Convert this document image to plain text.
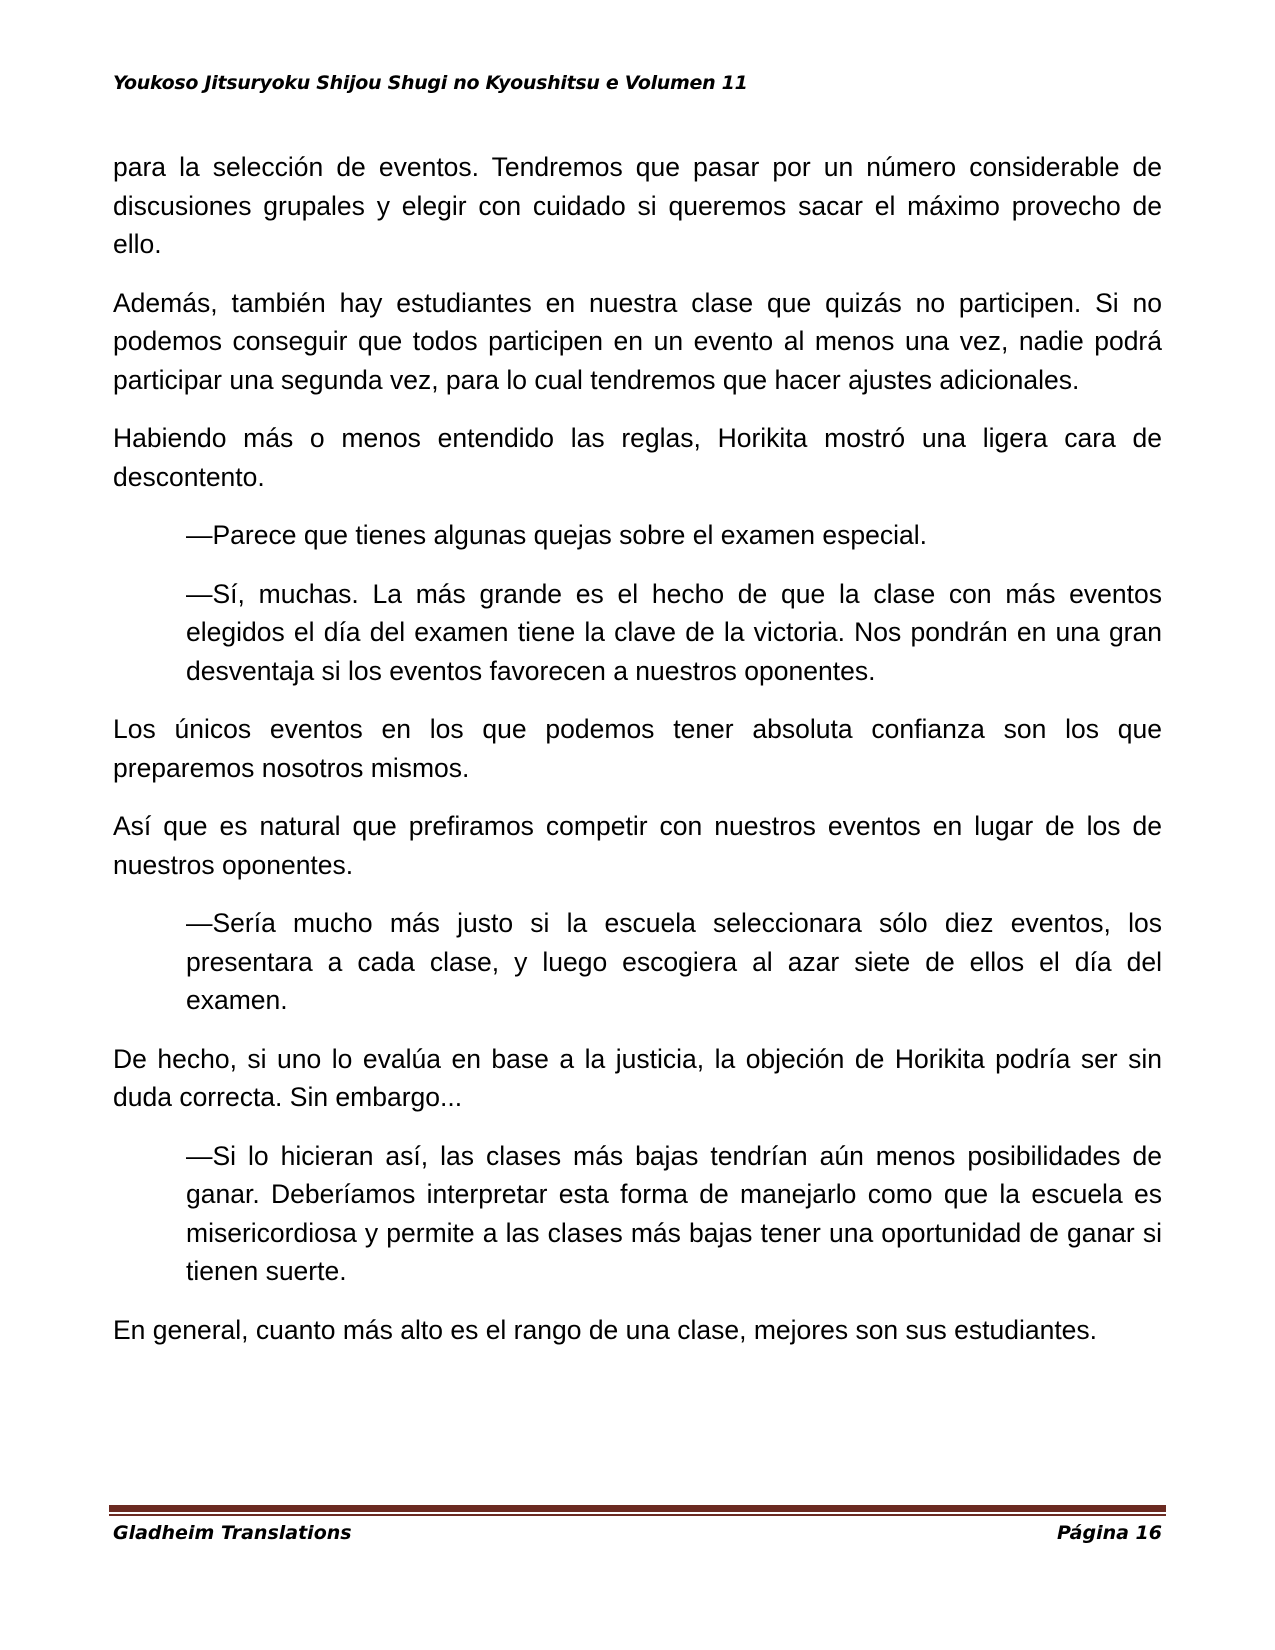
Youkoso Jitsuryoku Shijou Shugi no Kyoushitsu e Volumen 11

para la selección de eventos. Tendremos que pasar por un número considerable de discusiones grupales y elegir con cuidado si queremos sacar el máximo provecho de ello.

Además, también hay estudiantes en nuestra clase que quizás no participen. Si no podemos conseguir que todos participen en un evento al menos una vez, nadie podrá participar una segunda vez, para lo cual tendremos que hacer ajustes adicionales.

Habiendo más o menos entendido las reglas, Horikita mostró una ligera cara de descontento.

—Parece que tienes algunas quejas sobre el examen especial.

—Sí, muchas. La más grande es el hecho de que la clase con más eventos elegidos el día del examen tiene la clave de la victoria. Nos pondrán en una gran desventaja si los eventos favorecen a nuestros oponentes.

Los únicos eventos en los que podemos tener absoluta confianza son los que preparemos nosotros mismos.

Así que es natural que prefiramos competir con nuestros eventos en lugar de los de nuestros oponentes.

—Sería mucho más justo si la escuela seleccionara sólo diez eventos, los presentara a cada clase, y luego escogiera al azar siete de ellos el día del examen.

De hecho, si uno lo evalúa en base a la justicia, la objeción de Horikita podría ser sin duda correcta. Sin embargo...

—Si lo hicieran así, las clases más bajas tendrían aún menos posibilidades de ganar. Deberíamos interpretar esta forma de manejarlo como que la escuela es misericordiosa y permite a las clases más bajas tener una oportunidad de ganar si tienen suerte.

En general, cuanto más alto es el rango de una clase, mejores son sus estudiantes.

Gladheim Translations	Página 16
